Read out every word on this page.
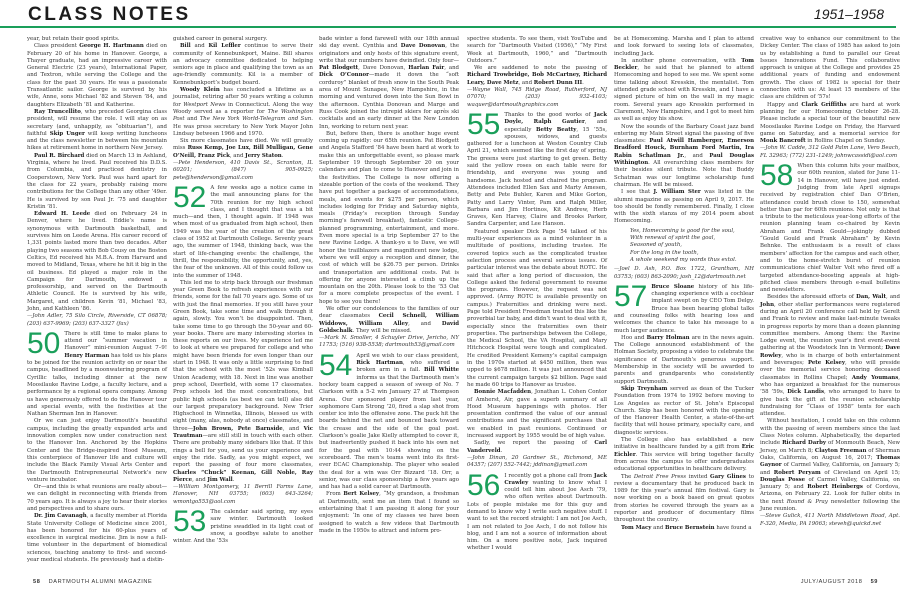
CLASS NOTES	1951–1958

year, but retain their good spirits.

Class president George H. Hartmann died on February 20 of his home in Hanover. George, a Thayer graduate, had an impressive career with General Electric (23 years), International Paper, and Textron, while serving the College and the class for the past 30 years. He was a passionate Transatlantic sailor. George is survived by his wife, Anne, sons Michael ’82 and Steven ’84, and daughters Elizabeth ’81 and Katherine.

Ray Truncellito, who preceded Georgina class president, will resume the role. I will stay on as secretary (and, unhappily, as “obituarian”), and faithful Skip Unger will keep writing luncheons and the class newsletter in between his mountain hikes at retirement home in northern New Jersey.

Paul R. Birchard died on March 13 in Ashland, Virginia, where he lived. Paul received his D.D.S. from Columbia, and practiced dentistry in Cooperstown, New York. Paul was hard apart for the class for 22 years, probably raising more contributions for the College than any other ’49er. He is survived by son Paul Jr. ’75 and daughter Kristin ’81.

Edward H. Leede died on February 24 in Denver, where he lived. Eddie’s name is synonymous with Dartmouth basketball, and survives him on Leede Arena. His career record of 1,331 points lasted more than two decades. After playing two seasons with Bob Cousy on the Boston Celtics, Ed received his M.B.A. from Harvard and moved to Midland, Texas, where he hit it big in the oil business. Ed played a major role in the Campaign for Dartmouth, endowed a professorship, and served on the Dartmouth Athletic Council. He is survived by his wife, Margaret, and children Kevin ’81, Michael ’83, John, and Kathleen ’86.

—John Adler, 75 Silo Circle, Riverside, CT 06878; (203) 637-9969; (203) 637-3327 (fax)

50 There is still time to make plans to attend our “summer vacation in Hanover” mini-reunion August 7–9! Henry Harman has told us his plans to be joined for the reunion activity on or near the campus, headlined by a moonwatering program of Cyrillic talks, including dinner at the new Moosilauke Ravine Lodge, a faculty lecture, and a performance by a regional opera company. Among us have generously offered to do the Hanover tour and special events, with the festivities at the Nathan Sherman Inn in Hanover.

Or we can just enjoy Dartmouth’s beautiful campus, including the greatly expanded arts and innovation complex now under construction next to the Hanover Inn. Anchored by the Hopkins Center and the Bridge-inspired Hood Museum, this centerpiece of Hanover life and culture will include the Black Family Visual Arts Center and the Dartmouth Entrepreneurial Network’s new venture incubator.

Or—and this is what reunions are really about—we can delight in reconnecting with friends from 70 years ago. It is always a joy to hear their stories and perspectives and to share ours.

Dr. Jim Cavanagh, a faculty member at Florida State University College of Medicine since 2001, has been honored for his 60-plus years of excellence in surgical medicine. Jim is now a full-time volunteer in the department of biomedical sciences, teaching anatomy to first- and second-year medical students. He previously had a distin-

guished career in general surgery.

Bill and Kil Leffler continue to serve their community of Kennebunkport, Maine. Bill shares an advocacy committee dedicated to helping seniors age in place and qualifying the town as an age-friendly community. Kil is a member of Kennebunkport’s budget board.

Woody Klein has concluded a lifetime as a journalist, retiring after 50 years writing a column for Westport News in Connecticut. Along the way Woody served as a reporter for The Washington Post and The New York World-Telegram and Sun. He was press secretary to New York Mayor John Lindsay between 1966 and 1970.

Six more classmates have died. We will greatly miss Russ Kemp, Joe Lux, Bill Mulligan, Gene O’Neill, Franz Pick, and Jerry Staton.

—Pete Henderson, 410 Davis St., Scranton, IL 60201; (847) 905-0925; pete@henderson@gmail.com

52 A few weeks ago a notice came in the mail announcing plans for the 70th reunion for my high school class, and I thought that was a bit much—and then, I thought again. If 1948 was when most of us graduated from high school, then 1949 was the year of the creation of the great class of 1952 at Dartmouth College. Seventy years ago, the summer of 1948, thinking back, was the start of life-changing events: the challenge, the thrill, the responsibility, the opportunity, and, yes, the fear of the unknown. All of this could follow us into the summer of 1948.

This led me to strip back through our freshman year Green Book to refresh experiences with our friends, some for the fall 70 years ago. Some of us with just the final memories. If you still have your Green Book, take some time and walk through it again, slowly. You won’t be disappointed. Then, take some time to go through the 50-year and 60-year books. There are many interesting stories in these reports on our lives. My experience led me to look at where we prepared for college and who might have been friends for even longer than our start in 1948. It was only a little surprising to find that the school with the most ’52s was Kimball Union Academy, with 18. Next in line was another prep school, Deerfield, with some 17 classmates. Prep schools led the most concentrations, but public high schools (as best we can tell) also did our largest preparatory background. New Trier Highschool in Winnetka, Illinois, blessed us with eight (many, alas, nobody at once) classmates, and three—John Brown, Pete Barnside, and Vic Trautman—are still still in touch with each other. There are probably many sidebars like that. If this rings a bell for you, send us your experience and enjoy the ride. Sadly, as you might expect, we report the passing of four more classmates, Charles “Chuck” Keenan, Gill Noble, Ray Pierce, and Jim Wall.

—William Montgomery, 11 Berrill Farms Lane, Hanover, NH 03755; (603) 643-3264; wmontgo553@aol.com

53 The calendar said spring, my eyes saw winter. Dartmouth looked pristine swaddled in its light coat of snow, a goodbye salute to another winter. And the ’53s

bade winter a fond farewell with our 18th annual ski day event. Cynthia and Dave Donovan, the originators and only hosts of this signature event, write that our numbers have dwindled. Only four—Pat Blodgett, Dave Donovan, Harlan Fair, and Dick O’Connor—made it down the “soft corduroy” blanket of fresh snow in the South Peak area of Mount Sunapee, New Hampshire, in the morning and ventured down into the Sun Bowl in the afternoon. Cynthia Donovan and Marge and Russ Cook joined the intrepid skiers for après ski cocktails and an early dinner at the New London Inn, working to return next year.

But, before then, there is another huge event coming up rapidly: our 65th reunion. Pat Blodgett and Angela Stafford ’84 have been hard at work to make this an unforgettable event, so please mark September 19 through September 20 on your calendars and plan to come to Hanover and join in the festivities. The College is now offering a sizeable portion of the costs of the weekend. They have put together a package of accommodations, meals, and events for $275 per person, which includes lodging for Friday and Saturday nights, meals (Friday’s reception through Sunday morning’s farewell breakfast), fantastic College-planned programming, entertainment, and more. Even more special is a trip September 27 to the new Ravine Lodge. A thank-yo u to Dave, we will honor the trailblazers and magnificent new lodge, where we will enjoy a reception and dinner, the cost of which will be $26.75 per person. Drinks and transportation are additional costs. Pat is offering for anyone interested a climb up the mountain on the 20th. Please look to the ’53 Oat for a more complete prospectus of the event. I hope to see you there!

We offer our condolences to the families of our dear classmates Cecil Schnell, William Widdows, William Alley, and David Goldschalk. They will be missed.

—Mark N. Smoller, 4 Schuyler Drive, Jericho, NY 11753; (516) 938-5538; dartmouth53@gmail.com

54 April we wish to our class president, Rick Hartman, who suffered a broken arm in a fall. Bill Whitte informs us that the Dartmouth men’s hockey team capped a season of sweep of No. 7 Clarkson with a 5-2 win January 27 at Thompson Arena. Our sponsored player from last year, sophomore Cam Strong ’20, fired a slap shot from center ice into the offensive zone. The puck hit the boards behind the net and bounced back toward the crease and the side of the goal post. Clarkson’s goalie Jake Kielly attempted to cover it, but inadvertently pushed it back into his own net for the goal with 10:44 showing on the scoreboard. The men’s teams went into its first-ever ECAC Championship. The player who sealed the deal for a win was Orr Bizzard ’18. Orr, a senior, was our class sponsorship a few years ago and has had a solid career at Dartmouth.

From Bert Kelsey, “My grandson, a freshman at Dartmouth, sent me an item that I found so entertaining that I am passing it along for your enjoyment: ‘In one of my classes we have been assigned to watch a few videos that Dartmouth made in the 1950s to attract and inform pro-

spective students. To see them, visit YouTube and search for “Dartmouth Visited (1956),” “My First Week at Dartmouth, 1960,” and “Dartmouth Outdoors.”

We are saddened to note the passing of Richard Trowbridge, Bob McCartney, Richard Leary, Dave Metz, and Robert Dunn III.

—Wayne Wall, 745 Ridge Road, Rutherford, NJ 07070; (203) 932-4103; waquer@dartmouthgraphics.com

55 Thanks to the good works of Jack Doyle, Ralph Gautier, and especially Betty Beatty, 15 ’55s, spouses, widows, and guests gathered for a luncheon at Weston Country Club April 21, which seemed like the first day of spring. The greens were just starting to get green. Betty said the yellow roses on each table were for friendship, and everyone was young and handsome. Jack hosted and chaired the program. Attendees included Ellen Sax and Marty Amesen, Betty and Pete Buhler, Karen and Mike Gorton, Patty and Larry Vinter, Pam and Ralph Miller, Barbara and Jim Hortinos, Kit Andrew, Herb Graves, Ken Harvey, Claire and Brooks Parker, Sandra Carpenter, and Lee Hanson.

Featured speaker Dick Page ’54 talked of his multi-year experiences as a mind volunteer in a multitude of positions, including trustee. He covered topics such as the complicated trustee selection process and several serious issues. Of particular interest was the debate about ROTC. He said that after a long period of discussion, the College asked the federal government to resume the programs. However, the request was not approved. (Army ROTC is available presently on campus.) Fraternities and drinking were next. Page told President Freedman treated this like the proverbial tar baby, and didn’t want to deal with it, especially since the fraternities own their properties. The partnerships between the College, the Medical School, the VA Hospital, and Mary Hitchcock Hospital were tough and complicated. He credited President Kemeny’s capital campaign in the 1970s started at $450 million, then was upped to $678 million. It was just announced that the current campaign targets $2 billion. Page said he made 60 trips to Hanover as trustee.

Bonnie Macfadden, Jonathan L. Cohen Contor of Amherst, Air, gave a superb summary of all Hood Museum happenings with photos. Her presentation confirmed the value of our annual contributions and the significant purchases that we enabled in past reunions. Continued or increased support by 1955 would be of high value.

Sadly, we report the passing of Carl Vanderveld.

—John Dinan, 20 Gardner St., Richmond, ME 04357; (207) 552-7442; jddinan@gmail.com

56 I recently got a phone call from Jack Crawley wanting to know what I could tell him about Joe Asch ’79, who often writes about Dartmouth. Lots of people mistake me for this guy and demand to know why I write such negative stuff. I want to set the record straight: I am not Joe Asch, I am not related to Joe Asch, I do not follow his blog, and I am not a source of information about him. On a more positive note, Jack inquired whether I would

be at Homecoming. Marsha and I plan to attend and look forward to seeing lots of classmates, including Jack.

In another phone conversation, with Tom Beckler, he said that he planned to attend Homecoming and hoped to see me. We spent some time talking about Kresskin, the mentalist. Tom attended grade school with Kresskin, and I have a signed picture of him on the wall in my magic room. Several years ago Kresskin performed in Claremont, New Hampshire, and I got to meet him as well as enjoy his show.

Now the sounds of the Barbary Coast jazz band entering my Main Street signal the passing of five classmates: Paul Atwill Hamberger, Emerson Bradford Houck, Burnham Ford Martin, Ira Rabin Schatlman Jr., and Paul Douglas Withington. All overarching class members for their besides silent tribute. Note that Buddy Schatman was our longtime scholarship fund chairman. He will be missed.

I see that J. William Ster was listed in the alumni magazine as passing on April 9, 2017. He too should be fondly remembered. Finally, I close with the sixth stanza of my 2014 poem about Homecoming.

Yes, Homecoming is good for the soul,
With renewal of spirit the goal,
Seasoned of youth,
For the long in the tooth,
A whole weekend my words thus extol.

—Joel D. Ash, P.O. Box 1722, Grantham, NH 03753; (603) 863-2090; jash_12@dartmouth.net

57 Bruce Sloane history of his life-changing experience with a cochlear implant swept on by CEO Tom Delgy. Bruce has been hearing global talks and counseling folks with hearing loss and welcomes the chance to take his message to a much larger audience.

Hoo and Barry Holman are in the news again. The College announced establishment of the Holman Society, proposing a video to celebrate the significance of Dartmouth’s generous support. Membership in the society will be awarded to parents and grandparents who consistently support Dartmouth.

Skip Treynham served as dean of the Tucker Foundation from 1974 to 1992 before moving to Los Angeles as rector of St. John’s Episcopal Church. Skip has been honored with the opening of the Hanover Health Center, a state-of-the-art facility that will house primary, specialty care, and diagnostic services.

The College also has established a new initiative in healthcare funded by a gift from Eric Eichler. This service will bring together faculty from across the campus to offer undergraduates educational opportunities in healthcare delivery.

The Detroit Free Press invited Gary Glines to review a documentary that he produced back in 1989 for this year’s annual film festival. Gary is now working on a book based on great quotes from stories he covered through the years as a reporter and producer of documentary films throughout the country.

Tom Macy and Bruce Bernstein have found a

creative way to enhance our commitment to the Dickey Center. The class of 1985 has asked to join us by establishing a fund to parallel our Great Issues Innovations Fund. This collaborative approach is unique at the College and provides 25 additional years of funding and endowment growth. The class of 1982 is special for their connection with us: At least 15 members of the class are children of ’57s!

Happy and Clark Griffiths are hard at work planning for our Homecoming October 26-28. Please include a special tour of the beautiful new Moosilauke Ravine Lodge on Friday, the Harvard game on Saturday, and a memorial service for Monk Bancroft in Rollins Chapel on Sunday.

—John W. Cadde, 312 Gold Palm Lane, Vero Beach, FL 32963; (772) 231-1249; johnwcassidi@aol.com

58 When this column hits your mailbox, our 60th reunion, slated for June 11-14 in Hanover, will have just ended. Judging from late April signups received by registration chief Dan O’Brien, attendance could brush close to 150, somewhat better than par for 60th reunions. Not only is that a tribute to the meticulous year-long efforts of the reunion planning team co-chaired by Kevin Abraham and Frank Gould—jokingly dubbed “Gould Gould and Frank Abraham” by Kevin Behnke. The enthusiasm is a result of class members’ affection for the campus and each other, and to the home-stretch burst of reunion communications chief Walter Volt who fired off a targeted attendance-boosting appeals at high-pitched class members through e-mail bulletins and newsletters.

Besides the aforesaid efforts of Dan, Walt, and John, other stellar performances were registered during an April 20 conference call held by Gerelt and Frank to review and make last-minute tweaks in progress reports by more than a dozen planning committee members. Among them: the Ravine Lodge event, the reunion year’s first event-event gathering at the Woodstock Inn in Vermont; Dave Rowley, who is in charge of both entertainment and beverages; Pete Kelsey, who will preside over the memorial service honoring deceased classmates in Rollins Chapel; Andy Youmans, who has organized a breakfast for the numerous ’58 ’59s, Dick Landis, who arranged to have to give back the gift at the reunion scholarship fundraising for “Class of 1958” tents for each attendee.

Without hesitation, I could take on this column with the passing of seven members since the last Class Notes column. Alphabetically, the departed include Richard Darby of Monmouth Beach, New Jersey, on March 8; Clayton Freeman of Sherman Oaks, California, on August 16, 2017; Thomas Gaynor of Carmel Valley, California, on January 5; and Robert Peryam of Cleveland on April 15; Douglas Posse of Carmel Valley, California, on January 5; and Robert Heinbergs of Cordova, Arizona, on February 22. Look for fuller obits in the next Round & Pray newsletter following the June reunion.

—Steve Gulick, 411 North Middletown Road, Apt. F-320, Media, PA 19063; steveh@quickd.net

58 DARTMOUTH ALUMNI MAGAZINE	JULY/AUGUST 2018 59
